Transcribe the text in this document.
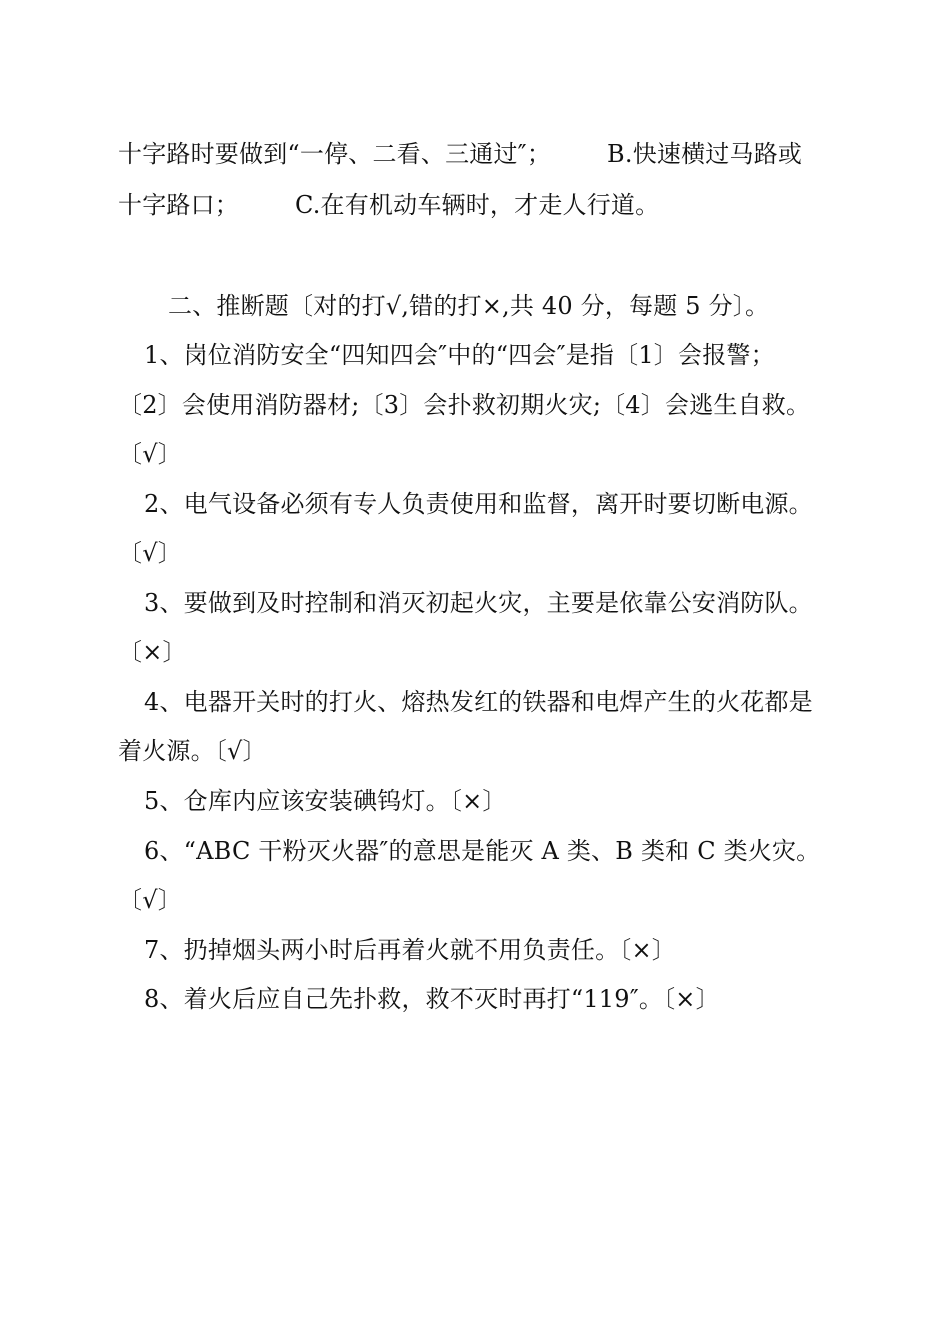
十字路时要做到“一停、二看、三通过″； B.快速横过马路或
十字路口； C.在有机动车辆时，才走人行道。
二、推断题〔对的打√,错的打×,共 40 分，每题 5 分〕。
1、岗位消防安全“四知四会″中的“四会″是指〔1〕会报警；
〔2〕会使用消防器材;〔3〕会扑救初期火灾;〔4〕会逃生自救。
〔√〕
2、电气设备必须有专人负责使用和监督，离开时要切断电源。
〔√〕
3、要做到及时控制和消灭初起火灾，主要是依靠公安消防队。
〔×〕
4、电器开关时的打火、熔热发红的铁器和电焊产生的火花都是
着火源。〔√〕
5、仓库内应该安装碘钨灯。〔×〕
6、“ABC 干粉灭火器″的意思是能灭 A 类、B 类和 C 类火灾。
〔√〕
7、扔掉烟头两小时后再着火就不用负责任。〔×〕
8、着火后应自己先扑救，救不灭时再打“119″。〔×〕
